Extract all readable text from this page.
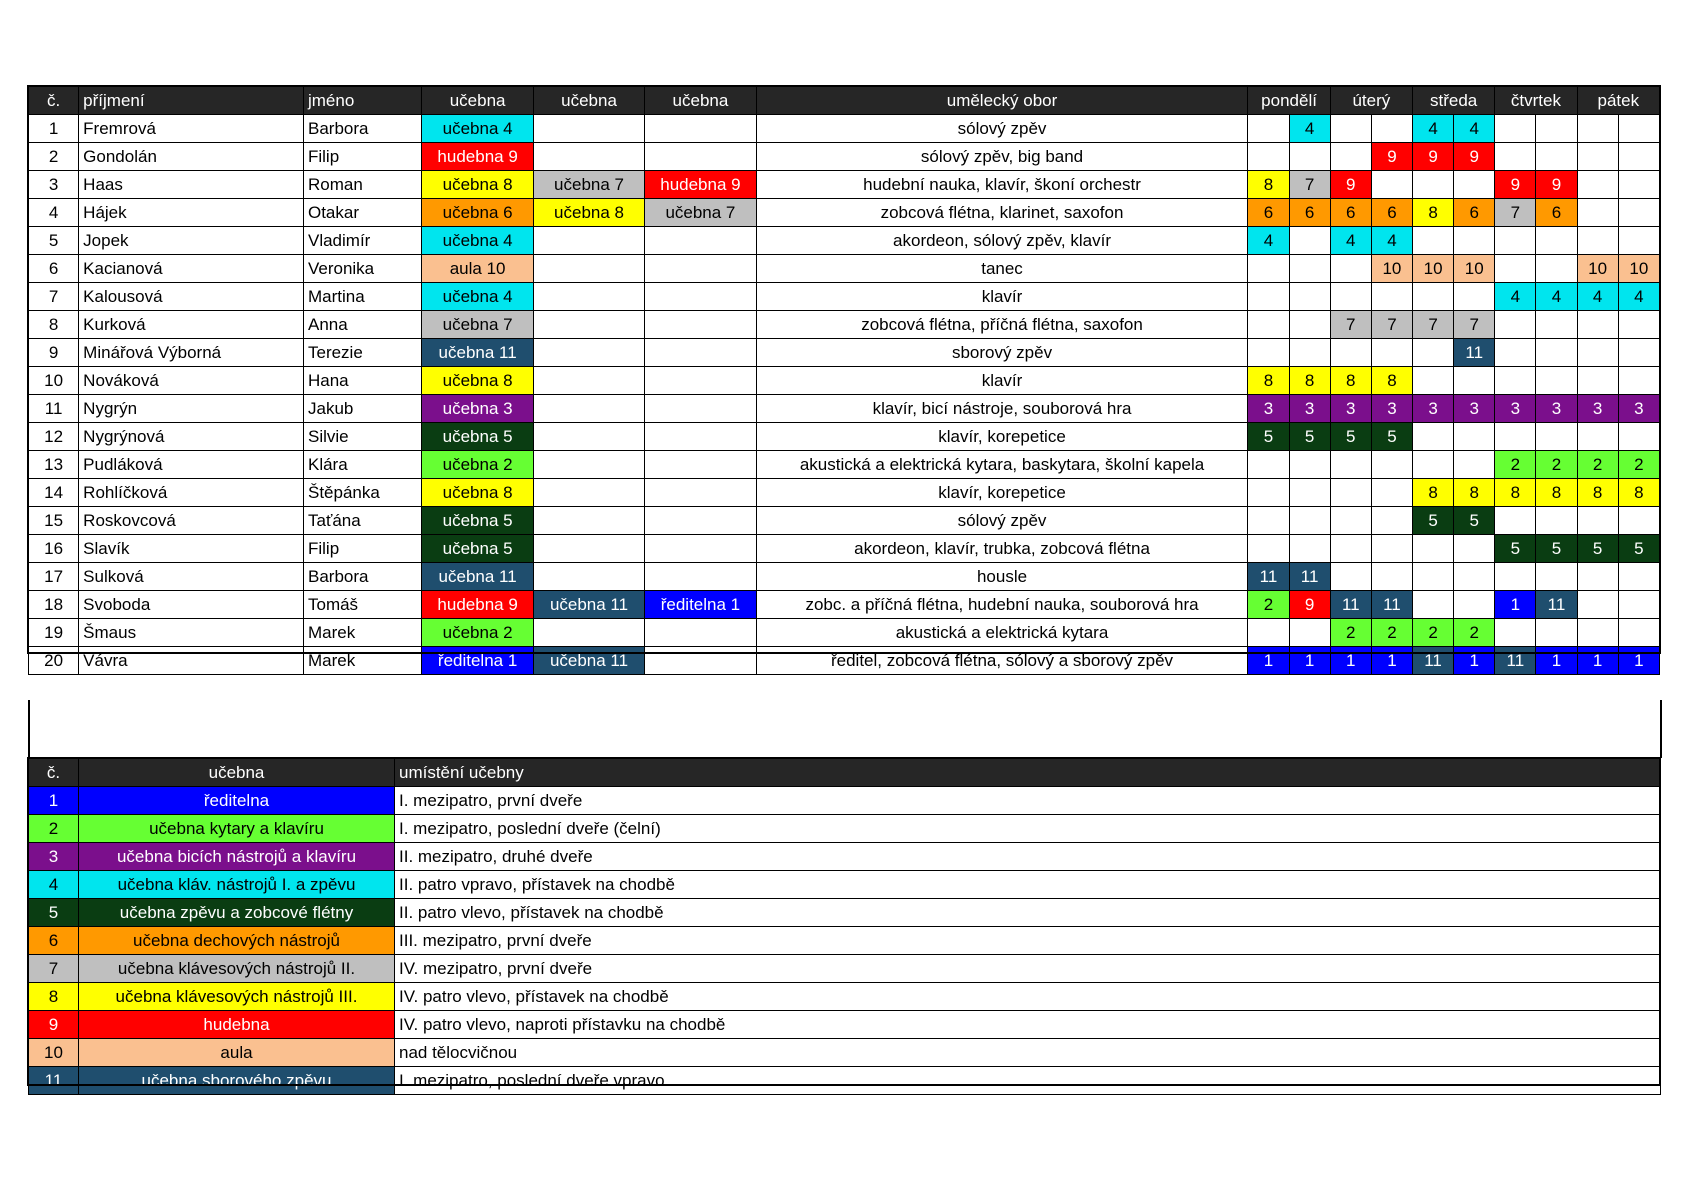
č.	příjmení	jméno	učebna	učebna	učebna	umělecký obor	pondělí		úterý		středa		čtvrtek		pátek	
1	Fremrová	Barbora	učebna 4			sólový zpěv		4			4	4				
2	Gondolán	Filip	hudebna 9			sólový zpěv, big band				9	9	9				
3	Haas	Roman	učebna 8	učebna 7	hudebna 9	hudební nauka, klavír, škoní orchestr	8	7	9				9	9		
4	Hájek	Otakar	učebna 6	učebna 8	učebna 7	zobcová flétna, klarinet, saxofon	6	6	6	6	8	6	7	6		
5	Jopek	Vladimír	učebna 4			akordeon, sólový zpěv, klavír	4		4	4						
6	Kacianová	Veronika	aula 10			tanec				10	10	10			10	10
7	Kalousová	Martina	učebna 4			klavír							4	4	4	4
8	Kurková	Anna	učebna 7			zobcová flétna, příčná flétna, saxofon			7	7	7	7				
9	Minářová Výborná	Terezie	učebna 11			sborový zpěv						11				
10	Nováková	Hana	učebna 8			klavír	8	8	8	8						
11	Nygrýn	Jakub	učebna 3			klavír, bicí nástroje, souborová hra	3	3	3	3	3	3	3	3	3	3
12	Nygrýnová	Silvie	učebna 5			klavír, korepetice	5	5	5	5						
13	Pudláková	Klára	učebna 2			akustická a elektrická kytara, baskytara, školní kapela							2	2	2	2
14	Rohlíčková	Štěpánka	učebna 8			klavír, korepetice					8	8	8	8	8	8
15	Roskovcová	Taťána	učebna 5			sólový zpěv					5	5				
16	Slavík	Filip	učebna 5			akordeon, klavír, trubka, zobcová flétna							5	5	5	5
17	Sulková	Barbora	učebna 11			housle	11	11								
18	Svoboda	Tomáš	hudebna 9	učebna 11	ředitelna 1	zobc. a příčná flétna, hudební nauka, souborová hra	2	9	11	11			1	11		
19	Šmaus	Marek	učebna 2			akustická a elektrická kytara			2	2	2	2				
20	Vávra	Marek	ředitelna 1	učebna 11		ředitel, zobcová flétna, sólový a sborový zpěv	1	1	1	1	11	1	11	1	1	1
č.	učebna	umístění učebny
1	ředitelna	I. mezipatro, první dveře
2	učebna kytary a klavíru	I. mezipatro, poslední dveře (čelní)
3	učebna bicích nástrojů a klavíru	II. mezipatro, druhé dveře
4	učebna kláv. nástrojů I. a zpěvu	II. patro vpravo, přístavek na chodbě
5	učebna zpěvu a zobcové flétny	II. patro vlevo, přístavek na chodbě
6	učebna dechových nástrojů	III. mezipatro, první dveře
7	učebna klávesových nástrojů II.	IV. mezipatro, první dveře
8	učebna klávesových nástrojů III.	IV. patro vlevo, přístavek na chodbě
9	hudebna	IV. patro vlevo, naproti přístavku na chodbě
10	aula	nad tělocvičnou
11	učebna sborového zpěvu	I. mezipatro, poslední dveře vpravo
